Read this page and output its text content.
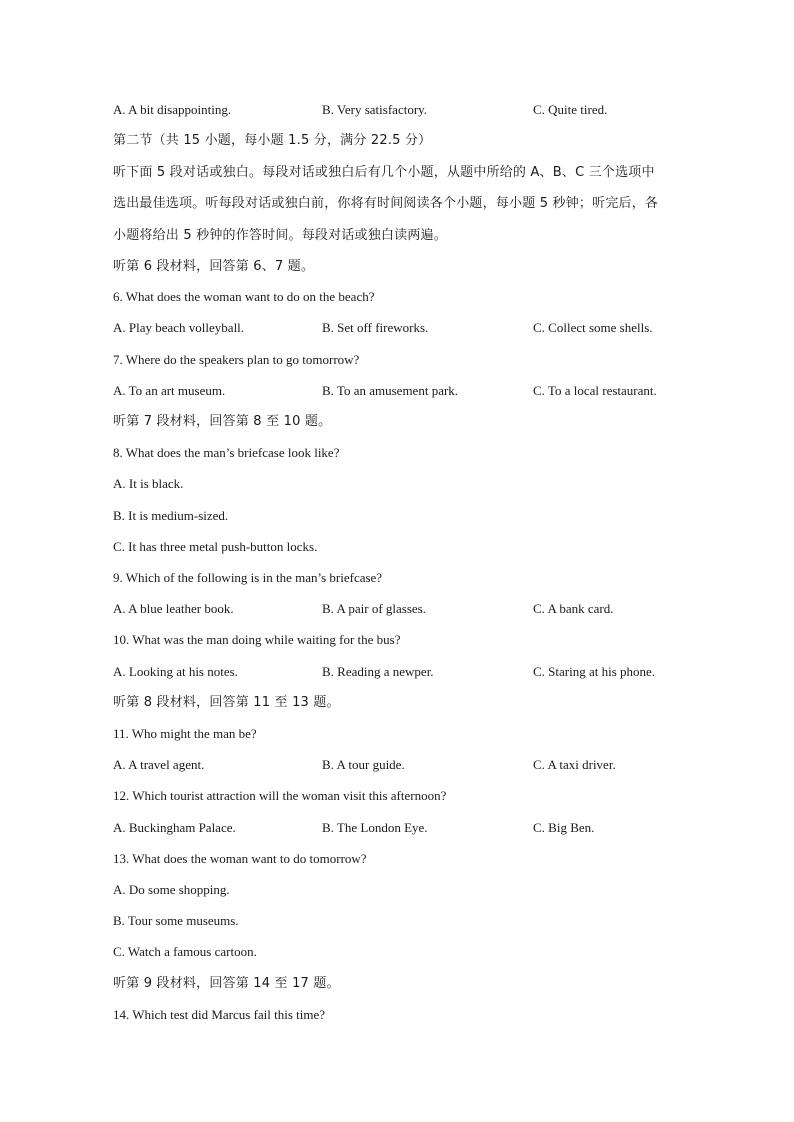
A. A bit disappointing.	B. Very satisfactory.	C. Quite tired.
第二节（共 15 小题，每小题 1.5 分，满分 22.5 分）
听下面 5 段对话或独白。每段对话或独白后有几个小题，从题中所给的 A、B、C 三个选项中
选出最佳选项。听每段对话或独白前，你将有时间阅读各个小题，每小题 5 秒钟；听完后，各
小题将给出 5 秒钟的作答时间。每段对话或独白读两遍。
听第 6 段材料，回答第 6、7 题。
6. What does the woman want to do on the beach?
A. Play beach volleyball.	B. Set off fireworks.	C. Collect some shells.
7. Where do the speakers plan to go tomorrow?
A. To an art museum.	B. To an amusement park.	C. To a local restaurant.
听第 7 段材料，回答第 8 至 10 题。
8. What does the man’s briefcase look like?
A. It is black.
B. It is medium-sized.
C. It has three metal push-button locks.
9. Which of the following is in the man’s briefcase?
A. A blue leather book.	B. A pair of glasses.	C. A bank card.
10. What was the man doing while waiting for the bus?
A. Looking at his notes.	B. Reading a newper.	C. Staring at his phone.
听第 8 段材料，回答第 11 至 13 题。
11. Who might the man be?
A. A travel agent.	B. A tour guide.	C. A taxi driver.
12. Which tourist attraction will the woman visit this afternoon?
A. Buckingham Palace.	B. The London Eye.	C. Big Ben.
13. What does the woman want to do tomorrow?
A. Do some shopping.
B. Tour some museums.
C. Watch a famous cartoon.
听第 9 段材料，回答第 14 至 17 题。
14. Which test did Marcus fail this time?
